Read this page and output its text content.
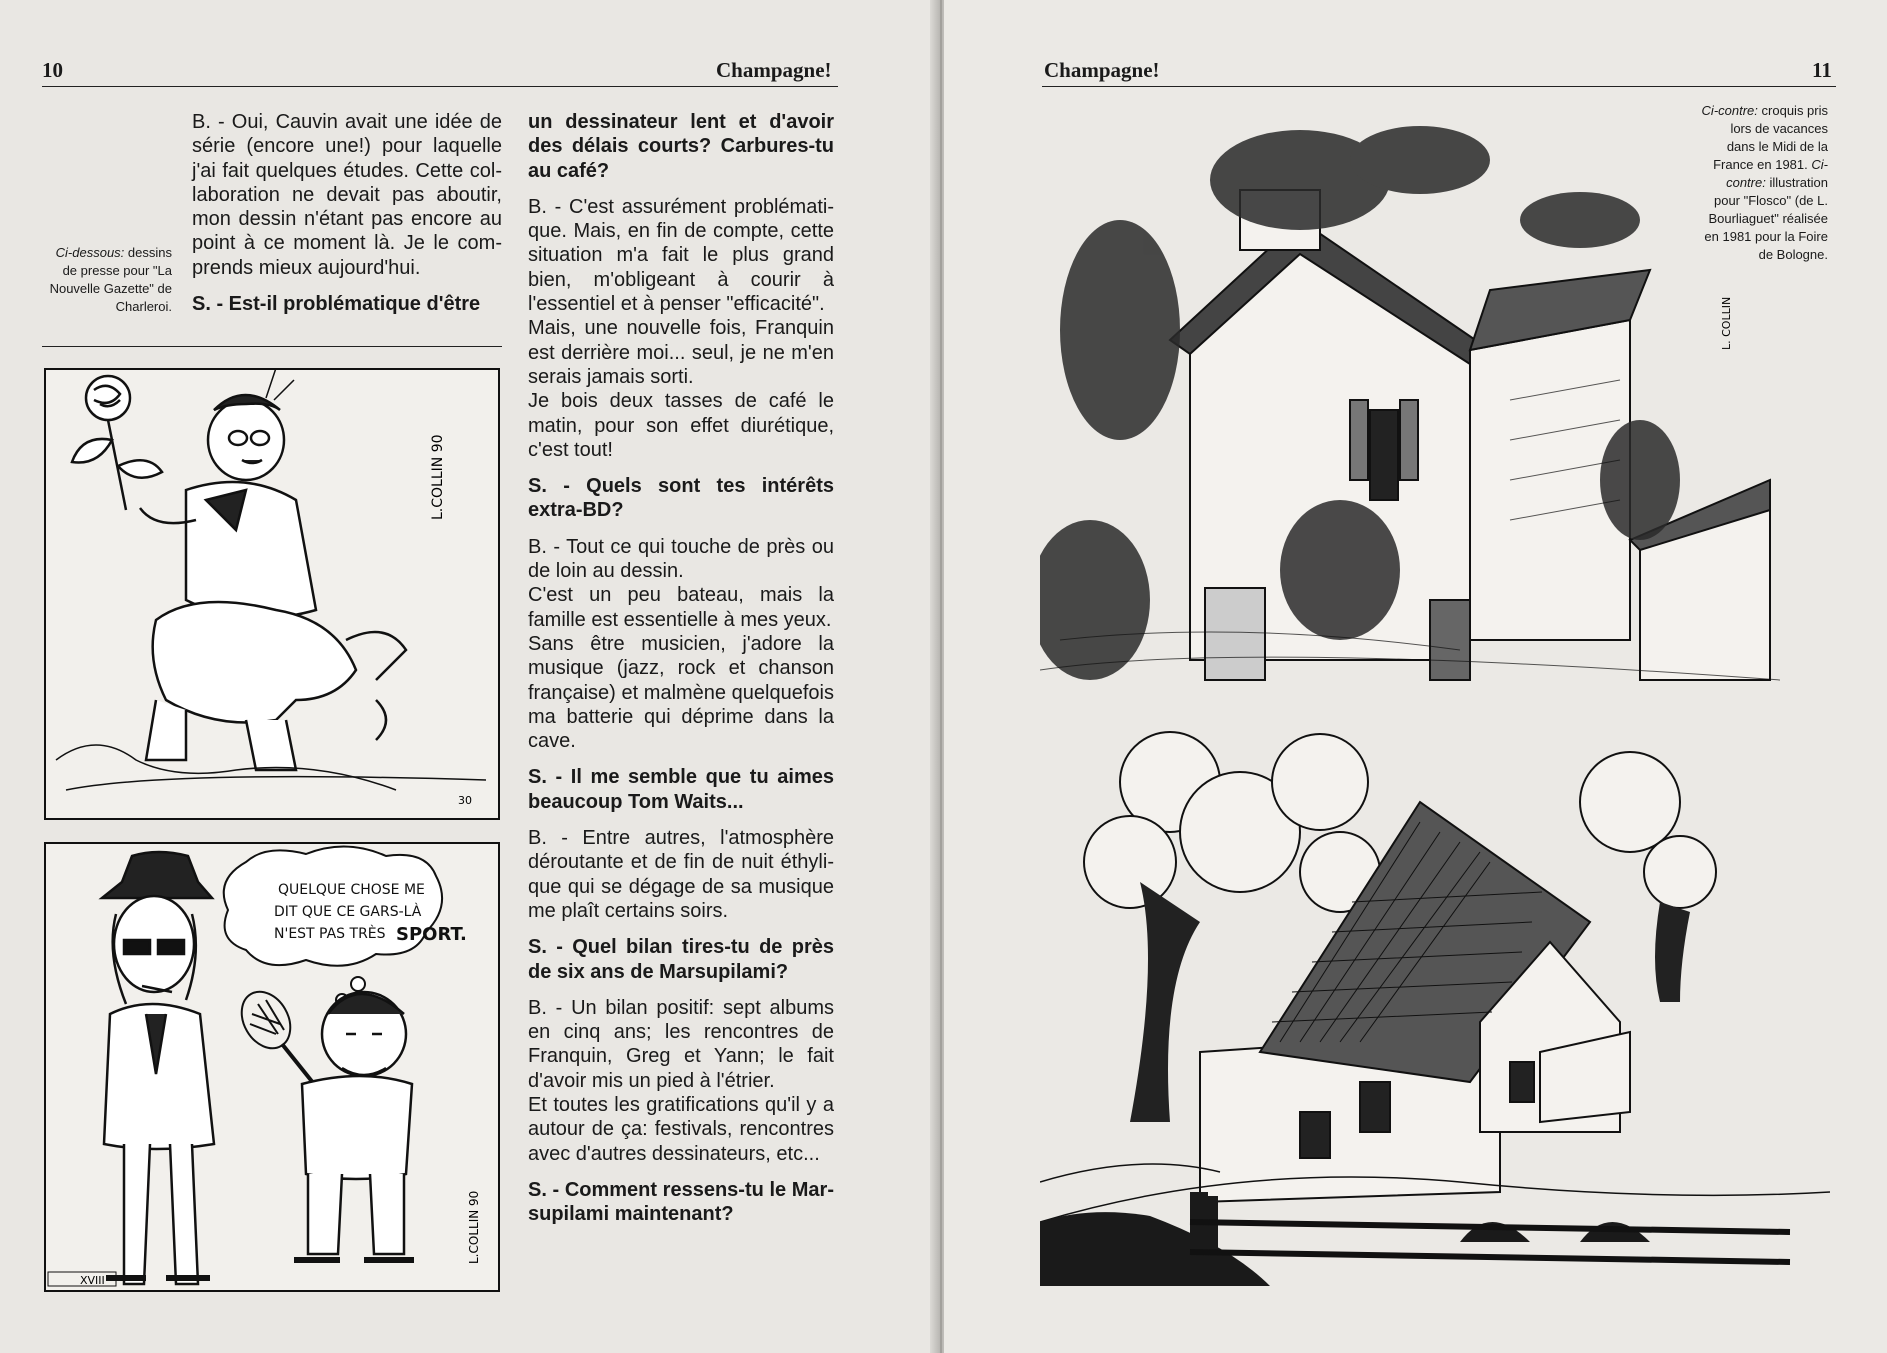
10	Champagne!
Ci-dessous: dessins de presse pour "La Nouvelle Gazette" de Charleroi.

B. - Oui, Cauvin avait une idée de série (encore une!) pour laquelle j'ai fait quelques études. Cette collaboration ne devait pas aboutir, mon dessin n'étant pas encore au point à ce moment là. Je le comprends mieux aujourd'hui.

S. - Est-il problématique d'être

L.COLLIN 90
30
QUELQUE CHOSE ME
DIT QUE CE GARS-LÀ
N'EST PAS TRÈS SPORT.
L.COLLIN 90
XVIII

un dessinateur lent et d'avoir des délais courts? Carbures-tu au café?

B. - C'est assurément problématique. Mais, en fin de compte, cette situation m'a fait le plus grand bien, m'obligeant à courir à l'essentiel et à penser "efficacité".

Mais, une nouvelle fois, Franquin est derrière moi... seul, je ne m'en serais jamais sorti.

Je bois deux tasses de café le matin, pour son effet diurétique, c'est tout!

S. - Quels sont tes intérêts extra-BD?

B. - Tout ce qui touche de près ou de loin au dessin.

C'est un peu bateau, mais la famille est essentielle à mes yeux.

Sans être musicien, j'adore la musique (jazz, rock et chanson française) et malmène quelquefois ma batterie qui déprime dans la cave.

S. - Il me semble que tu aimes beaucoup Tom Waits...

B. - Entre autres, l'atmosphère déroutante et de fin de nuit éthylique qui se dégage de sa musique me plaît certains soirs.

S. - Quel bilan tires-tu de près de six ans de Marsupilami?

B. - Un bilan positif: sept albums en cinq ans; les rencontres de Franquin, Greg et Yann; le fait d'avoir mis un pied à l'étrier.

Et toutes les gratifications qu'il y a autour de ça: festivals, rencontres avec d'autres dessinateurs, etc...

S. - Comment ressens-tu le Marsupilami maintenant?

Champagne!	11
Ci-contre: croquis pris lors de vacances dans le Midi de la France en 1981. Ci-contre: illustration pour "Flosco" (de L. Bourliaguet" réalisée en 1981 pour la Foire de Bologne.
L. COLLIN
